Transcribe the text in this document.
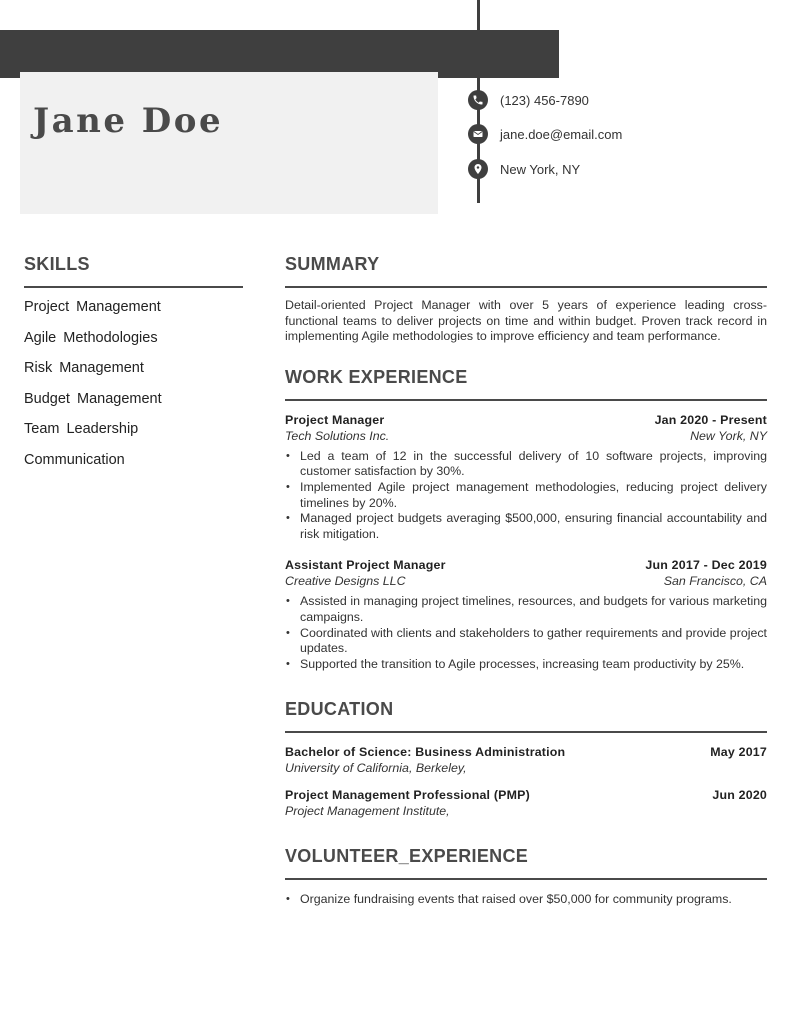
Jane Doe
(123) 456-7890
jane.doe@email.com
New York, NY
SKILLS
Project Management
Agile Methodologies
Risk Management
Budget Management
Team Leadership
Communication
SUMMARY

Detail-oriented Project Manager with over 5 years of experience leading cross-functional teams to deliver projects on time and within budget. Proven track record in implementing Agile methodologies to improve efficiency and team performance.

WORK EXPERIENCE
Project Manager	Jan 2020 - Present
Tech Solutions Inc.	New York, NY
• Led a team of 12 in the successful delivery of 10 software projects, improving customer satisfaction by 30%.
• Implemented Agile project management methodologies, reducing project delivery timelines by 20%.
• Managed project budgets averaging $500,000, ensuring financial accountability and risk mitigation.
Assistant Project Manager	Jun 2017 - Dec 2019
Creative Designs LLC	San Francisco, CA
• Assisted in managing project timelines, resources, and budgets for various marketing campaigns.
• Coordinated with clients and stakeholders to gather requirements and provide project updates.
• Supported the transition to Agile processes, increasing team productivity by 25%.
EDUCATION
Bachelor of Science: Business Administration	May 2017
University of California, Berkeley,
Project Management Professional (PMP)	Jun 2020
Project Management Institute,
VOLUNTEER_EXPERIENCE
• Organize fundraising events that raised over $50,000 for community programs.
